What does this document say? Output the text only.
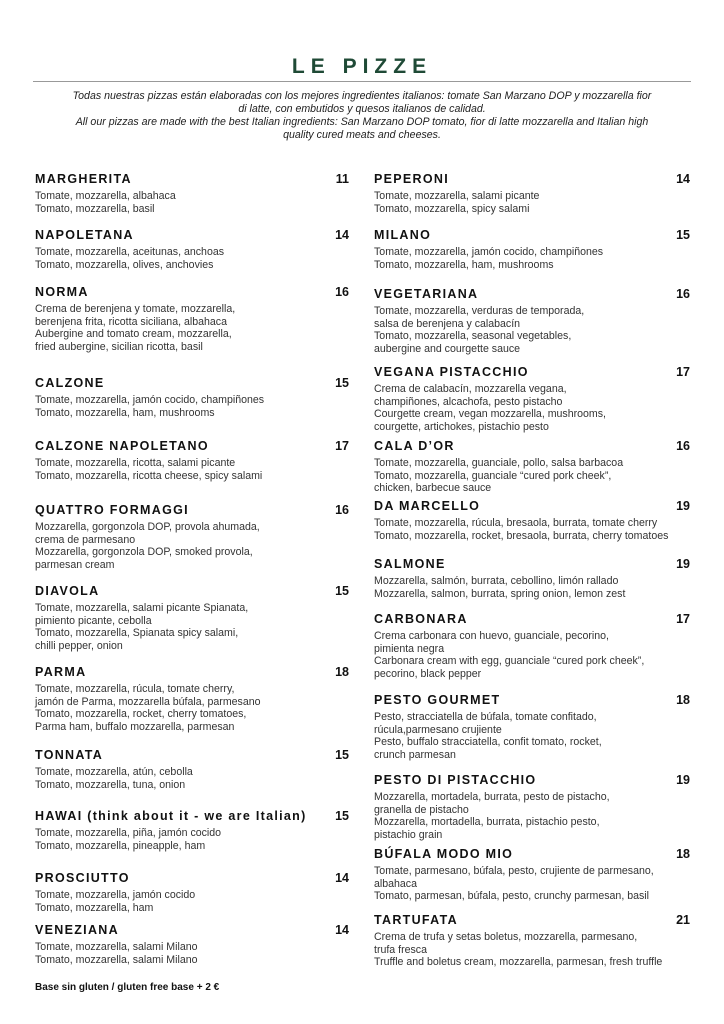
LE PIZZE
Todas nuestras pizzas están elaboradas con los mejores ingredientes italianos: tomate San Marzano DOP y mozzarella fior
di latte, con embutidos y quesos italianos de calidad.
All our pizzas are made with the best Italian ingredients: San Marzano DOP tomato, fior di latte mozzarella and Italian high
quality cured meats and cheeses.
MARGHERITA	11
Tomate, mozzarella, albahaca
Tomato, mozzarella, basil
NAPOLETANA	14
Tomate, mozzarella, aceitunas, anchoas
Tomato, mozzarella, olives, anchovies
NORMA	16
Crema de berenjena y tomate, mozzarella,
berenjena frita, ricotta siciliana, albahaca
Aubergine and tomato cream, mozzarella,
fried aubergine, sicilian ricotta, basil
CALZONE	15
Tomate, mozzarella, jamón cocido, champiñones
Tomato, mozzarella, ham, mushrooms
CALZONE NAPOLETANO	17
Tomate, mozzarella, ricotta, salami picante
Tomato, mozzarella, ricotta cheese, spicy salami
QUATTRO FORMAGGI	16
Mozzarella, gorgonzola DOP, provola ahumada,
crema de parmesano
Mozzarella, gorgonzola DOP, smoked provola,
parmesan cream
DIAVOLA	15
Tomate, mozzarella, salami picante Spianata,
pimiento picante, cebolla
Tomato, mozzarella, Spianata spicy salami,
chilli pepper, onion
PARMA	18
Tomate, mozzarella, rúcula, tomate cherry,
jamón de Parma, mozzarella búfala, parmesano
Tomato, mozzarella, rocket, cherry tomatoes,
Parma ham, buffalo mozzarella, parmesan
TONNATA	15
Tomate, mozzarella, atún, cebolla
Tomato, mozzarella, tuna, onion
HAWAI (think about it - we are Italian)	15
Tomate, mozzarella, piña, jamón cocido
Tomato, mozzarella, pineapple, ham
PROSCIUTTO	14
Tomate, mozzarella, jamón cocido
Tomato, mozzarella, ham
VENEZIANA	14
Tomate, mozzarella, salami Milano
Tomato, mozzarella, salami Milano
PEPERONI	14
Tomate, mozzarella, salami picante
Tomato, mozzarella, spicy salami
MILANO	15
Tomate, mozzarella, jamón cocido, champiñones
Tomato, mozzarella, ham, mushrooms
VEGETARIANA	16
Tomate, mozzarella, verduras de temporada,
salsa de berenjena y calabacín
Tomato, mozzarella, seasonal vegetables,
aubergine and courgette sauce
VEGANA PISTACCHIO	17
Crema de calabacín, mozzarella vegana,
champiñones, alcachofa, pesto pistacho
Courgette cream, vegan mozzarella, mushrooms,
courgette, artichokes, pistachio pesto
CALA D’OR	16
Tomate, mozzarella, guanciale, pollo, salsa barbacoa
Tomato, mozzarella, guanciale “cured pork cheek”,
chicken, barbecue sauce
DA MARCELLO	19
Tomate, mozzarella, rúcula, bresaola, burrata, tomate cherry
Tomato, mozzarella, rocket, bresaola, burrata, cherry tomatoes
SALMONE	19
Mozzarella, salmón, burrata, cebollino, limón rallado
Mozzarella, salmon, burrata, spring onion, lemon zest
CARBONARA	17
Crema carbonara con huevo, guanciale, pecorino,
pimienta negra
Carbonara cream with egg, guanciale “cured pork cheek”,
pecorino, black pepper
PESTO GOURMET	18
Pesto, stracciatella de búfala, tomate confitado,
rúcula,parmesano crujiente
Pesto, buffalo stracciatella, confit tomato, rocket,
crunch parmesan
PESTO DI PISTACCHIO	19
Mozzarella, mortadela, burrata, pesto de pistacho,
granella de pistacho
Mozzarella, mortadella, burrata, pistachio pesto,
pistachio grain
BÚFALA MODO MIO	18
Tomate, parmesano, búfala, pesto, crujiente de parmesano,
albahaca
Tomato, parmesan, búfala, pesto, crunchy parmesan, basil
TARTUFATA	21
Crema de trufa y setas boletus, mozzarella, parmesano,
trufa fresca
Truffle and boletus cream, mozzarella, parmesan, fresh truffle
Base sin gluten / gluten free base + 2 €
